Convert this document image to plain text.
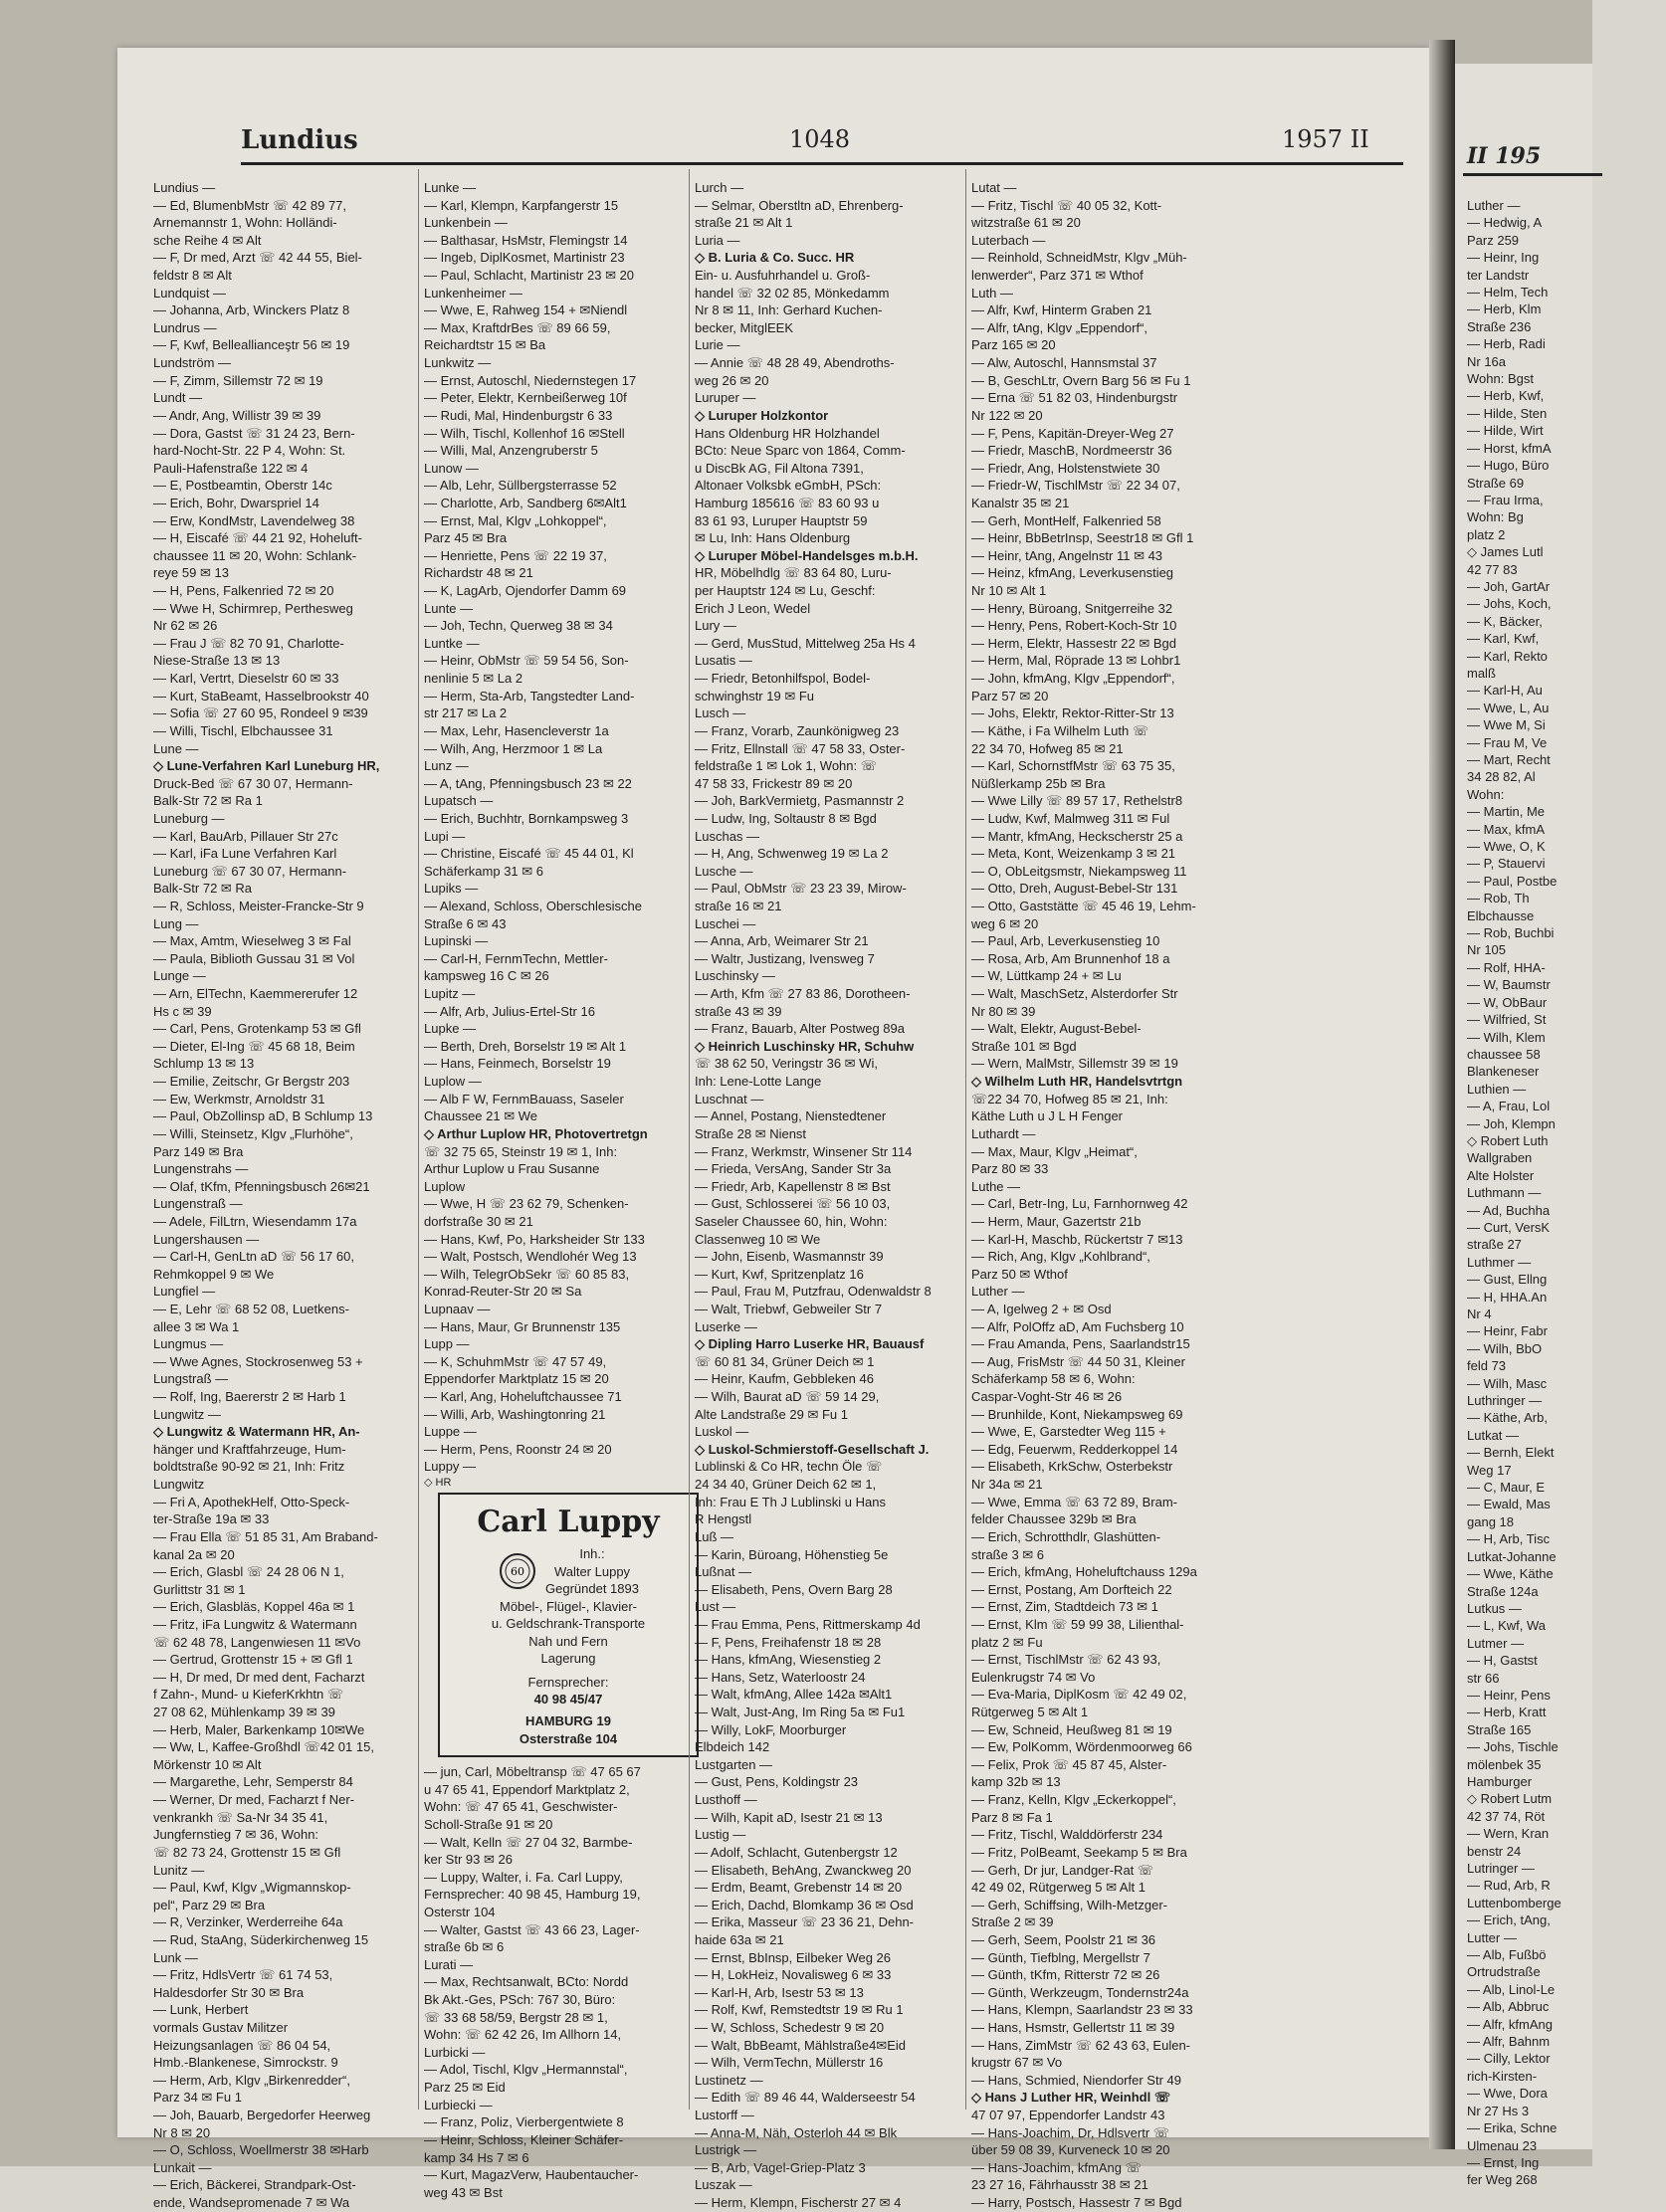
Lundius	1048	1957 II
Lundius —
— Ed, BlumenbMstr ☏ 42 89 77,
Arnemannstr 1, Wohn: Holländi-
sche Reihe 4 ✉ Alt
— F, Dr med, Arzt ☏ 42 44 55, Biel-
feldstr 8 ✉ Alt
Lundquist —
— Johanna, Arb, Winckers Platz 8
Lundrus —
— F, Kwf, Belleallianceştr 56 ✉ 19
Lundström —
— F, Zimm, Sillemstr 72 ✉ 19
Lundt —
— Andr, Ang, Willistr 39 ✉ 39
— Dora, Gastst ☏ 31 24 23, Bern-
hard-Nocht-Str. 22 P 4, Wohn: St.
Pauli-Hafenstraße 122 ✉ 4
— E, Postbeamtin, Oberstr 14c
— Erich, Bohr, Dwarspriel 14
— Erw, KondMstr, Lavendelweg 38
— H, Eiscafé ☏ 44 21 92, Hoheluft-
chaussee 11 ✉ 20, Wohn: Schlank-
reye 59 ✉ 13
— H, Pens, Falkenried 72 ✉ 20
— Wwe H, Schirmrep, Perthesweg
Nr 62 ✉ 26
— Frau J ☏ 82 70 91, Charlotte-
Niese-Straße 13 ✉ 13
— Karl, Vertrt, Dieselstr 60 ✉ 33
— Kurt, StaBeamt, Hasselbrookstr 40
— Sofia ☏ 27 60 95, Rondeel 9 ✉39
— Willi, Tischl, Elbchaussee 31
Lune —
◇ Lune-Verfahren Karl Luneburg HR,
Druck-Bed ☏ 67 30 07, Hermann-
Balk-Str 72 ✉ Ra 1
Luneburg —
— Karl, BauArb, Pillauer Str 27c
— Karl, iFa Lune Verfahren Karl
Luneburg ☏ 67 30 07, Hermann-
Balk-Str 72 ✉ Ra
— R, Schloss, Meister-Francke-Str 9
Lung —
— Max, Amtm, Wieselweg 3 ✉ Fal
— Paula, Biblioth Gussau 31 ✉ Vol
Lunge —
— Arn, ElTechn, Kaemmererufer 12
Hs c ✉ 39
— Carl, Pens, Grotenkamp 53 ✉ Gfl
— Dieter, El-Ing ☏ 45 68 18, Beim
Schlump 13 ✉ 13
— Emilie, Zeitschr, Gr Bergstr 203
— Ew, Werkmstr, Arnoldstr 31
— Paul, ObZollinsp aD, B Schlump 13
— Willi, Steinsetz, Klgv „Flurhöhe“,
Parz 149 ✉ Bra
Lungenstrahs —
— Olaf, tKfm, Pfenningsbusch 26✉21
Lungenstraß —
— Adele, FilLtrn, Wiesendamm 17a
Lungershausen —
— Carl-H, GenLtn aD ☏ 56 17 60,
Rehmkoppel 9 ✉ We
Lungfiel —
— E, Lehr ☏ 68 52 08, Luetkens-
allee 3 ✉ Wa 1
Lungmus —
— Wwe Agnes, Stockrosenweg 53 +
Lungstraß —
— Rolf, Ing, Baererstr 2 ✉ Harb 1
Lungwitz —
◇ Lungwitz & Watermann HR, An-
hänger und Kraftfahrzeuge, Hum-
boldtstraße 90-92 ✉ 21, Inh: Fritz
Lungwitz
— Fri A, ApothekHelf, Otto-Speck-
ter-Straße 19a ✉ 33
— Frau Ella ☏ 51 85 31, Am Braband-
kanal 2a ✉ 20
— Erich, Glasbl ☏ 24 28 06 N 1,
Gurlittstr 31 ✉ 1
— Erich, Glasbläs, Koppel 46a ✉ 1
— Fritz, iFa Lungwitz & Watermann
☏ 62 48 78, Langenwiesen 11 ✉Vo
— Gertrud, Grottenstr 15 + ✉ Gfl 1
— H, Dr med, Dr med dent, Facharzt
f Zahn-, Mund- u KieferKrkhtn ☏
27 08 62, Mühlenkamp 39 ✉ 39
— Herb, Maler, Barkenkamp 10✉We
— Ww, L, Kaffee-Großhdl ☏42 01 15,
Mörkenstr 10 ✉ Alt
— Margarethe, Lehr, Semperstr 84
— Werner, Dr med, Facharzt f Ner-
venkrankh ☏ Sa-Nr 34 35 41,
Jungfernstieg 7 ✉ 36, Wohn:
☏ 82 73 24, Grottenstr 15 ✉ Gfl
Lunitz —
— Paul, Kwf, Klgv „Wigmannskop-
pel“, Parz 29 ✉ Bra
— R, Verzinker, Werderreihe 64a
— Rud, StaAng, Süderkirchenweg 15
Lunk —
— Fritz, HdlsVertr ☏ 61 74 53,
Haldesdorfer Str 30 ✉ Bra
— Lunk, Herbert
vormals Gustav Militzer
Heizungsanlagen ☏ 86 04 54,
Hmb.-Blankenese, Simrockstr. 9
— Herm, Arb, Klgv „Birkenredder“,
Parz 34 ✉ Fu 1
— Joh, Bauarb, Bergedorfer Heerweg
Nr 8 ✉ 20
— O, Schloss, Woellmerstr 38 ✉Harb
Lunkait —
— Erich, Bäckerei, Strandpark-Ost-
ende, Wandsepromenade 7 ✉ Wa
Lunke —
— Karl, Klempn, Karpfangerstr 15
Lunkenbein —
— Balthasar, HsMstr, Flemingstr 14
— Ingeb, DiplKosmet, Martinistr 23
— Paul, Schlacht, Martinistr 23 ✉ 20
Lunkenheimer —
— Wwe, E, Rahweg 154 + ✉Niendl
— Max, KraftdrBes ☏ 89 66 59,
Reichardtstr 15 ✉ Ba
Lunkwitz —
— Ernst, Autoschl, Niedernstegen 17
— Peter, Elektr, Kernbeißerweg 10f
— Rudi, Mal, Hindenburgstr 6 33
— Wilh, Tischl, Kollenhof 16 ✉Stell
— Willi, Mal, Anzengruberstr 5
Lunow —
— Alb, Lehr, Süllbergsterrasse 52
— Charlotte, Arb, Sandberg 6✉Alt1
— Ernst, Mal, Klgv „Lohkoppel“,
Parz 45 ✉ Bra
— Henriette, Pens ☏ 22 19 37,
Richardstr 48 ✉ 21
— K, LagArb, Ojendorfer Damm 69
Lunte —
— Joh, Techn, Querweg 38 ✉ 34
Luntke —
— Heinr, ObMstr ☏ 59 54 56, Son-
nenlinie 5 ✉ La 2
— Herm, Sta-Arb, Tangstedter Land-
str 217 ✉ La 2
— Max, Lehr, Hasencleverstr 1a
— Wilh, Ang, Herzmoor 1 ✉ La
Lunz —
— A, tAng, Pfenningsbusch 23 ✉ 22
Lupatsch —
— Erich, Buchhtr, Bornkampsweg 3
Lupi —
— Christine, Eiscafé ☏ 45 44 01, Kl
Schäferkamp 31 ✉ 6
Lupiks —
— Alexand, Schloss, Oberschlesische
Straße 6 ✉ 43
Lupinski —
— Carl-H, FernmTechn, Mettler-
kampsweg 16 C ✉ 26
Lupitz —
— Alfr, Arb, Julius-Ertel-Str 16
Lupke —
— Berth, Dreh, Borselstr 19 ✉ Alt 1
— Hans, Feinmech, Borselstr 19
Luplow —
— Alb F W, FernmBauass, Saseler
Chaussee 21 ✉ We
◇ Arthur Luplow HR, Photovertretgn
☏ 32 75 65, Steinstr 19 ✉ 1, Inh:
Arthur Luplow u Frau Susanne
Luplow
— Wwe, H ☏ 23 62 79, Schenken-
dorfstraße 30 ✉ 21
— Hans, Kwf, Po, Harksheider Str 133
— Walt, Postsch, Wendlohér Weg 13
— Wilh, TelegrObSekr ☏ 60 85 83,
Konrad-Reuter-Str 20 ✉ Sa
Lupnaav —
— Hans, Maur, Gr Brunnenstr 135
Lupp —
— K, SchuhmMstr ☏ 47 57 49,
Eppendorfer Marktplatz 15 ✉ 20
— Karl, Ang, Hoheluftchaussee 71
— Willi, Arb, Washingtonring 21
Luppe —
— Herm, Pens, Roonstr 24 ✉ 20
Luppy —
◇ HR
Carl Luppy
60
Inh.:
Walter Luppy
Gegründet 1893
Möbel-, Flügel-, Klavier-
u. Geldschrank-Transporte
Nah und Fern
Lagerung
Fernsprecher:
40 98 45/47
HAMBURG 19
Osterstraße 104
— jun, Carl, Möbeltransp ☏ 47 65 67
u 47 65 41, Eppendorf Marktplatz 2,
Wohn: ☏ 47 65 41, Geschwister-
Scholl-Straße 91 ✉ 20
— Walt, Kelln ☏ 27 04 32, Barmbe-
ker Str 93 ✉ 26
— Luppy, Walter, i. Fa. Carl Luppy,
Fernsprecher: 40 98 45, Hamburg 19,
Osterstr 104
— Walter, Gastst ☏ 43 66 23, Lager-
straße 6b ✉ 6
Lurati —
— Max, Rechtsanwalt, BCto: Nordd
Bk Akt.-Ges, PSch: 767 30, Büro:
☏ 33 68 58/59, Bergstr 28 ✉ 1,
Wohn: ☏ 62 42 26, Im Allhorn 14,
Lurbicki —
— Adol, Tischl, Klgv „Hermannstal“,
Parz 25 ✉ Eid
Lurbiecki —
— Franz, Poliz, Vierbergentwiete 8
— Heinr, Schloss, Kleiner Schäfer-
kamp 34 Hs 7 ✉ 6
— Kurt, MagazVerw, Haubentaucher-
weg 43 ✉ Bst
Lurch —
— Selmar, Oberstltn aD, Ehrenberg-
straße 21 ✉ Alt 1
Luria —
◇ B. Luria & Co. Succ. HR
Ein- u. Ausfuhrhandel u. Groß-
handel ☏ 32 02 85, Mönkedamm
Nr 8 ✉ 11, Inh: Gerhard Kuchen-
becker, MitglEEK
Lurie —
— Annie ☏ 48 28 49, Abendroths-
weg 26 ✉ 20
Luruper —
◇ Luruper Holzkontor
Hans Oldenburg HR Holzhandel
BCto: Neue Sparc von 1864, Comm-
u DiscBk AG, Fil Altona 7391,
Altonaer Volksbk eGmbH, PSch:
Hamburg 185616 ☏ 83 60 93 u
83 61 93, Luruper Hauptstr 59
✉ Lu, Inh: Hans Oldenburg
◇ Luruper Möbel-Handelsges m.b.H.
HR, Möbelhdlg ☏ 83 64 80, Luru-
per Hauptstr 124 ✉ Lu, Geschf:
Erich J Leon, Wedel
Lury —
— Gerd, MusStud, Mittelweg 25a Hs 4
Lusatis —
— Friedr, Betonhilfspol, Bodel-
schwinghstr 19 ✉ Fu
Lusch —
— Franz, Vorarb, Zaunkönigweg 23
— Fritz, Ellnstall ☏ 47 58 33, Oster-
feldstraße 1 ✉ Lok 1, Wohn: ☏
47 58 33, Frickestr 89 ✉ 20
— Joh, BarkVermietg, Pasmannstr 2
— Ludw, Ing, Soltaustr 8 ✉ Bgd
Luschas —
— H, Ang, Schwenweg 19 ✉ La 2
Lusche —
— Paul, ObMstr ☏ 23 23 39, Mirow-
straße 16 ✉ 21
Luschei —
— Anna, Arb, Weimarer Str 21
— Waltr, Justizang, Ivensweg 7
Luschinsky —
— Arth, Kfm ☏ 27 83 86, Dorotheen-
straße 43 ✉ 39
— Franz, Bauarb, Alter Postweg 89a
◇ Heinrich Luschinsky HR, Schuhw
☏ 38 62 50, Veringstr 36 ✉ Wi,
Inh: Lene-Lotte Lange
Luschnat —
— Annel, Postang, Nienstedtener
Straße 28 ✉ Nienst
— Franz, Werkmstr, Winsener Str 114
— Frieda, VersAng, Sander Str 3a
— Friedr, Arb, Kapellenstr 8 ✉ Bst
— Gust, Schlosserei ☏ 56 10 03,
Saseler Chaussee 60, hin, Wohn:
Classenweg 10 ✉ We
— John, Eisenb, Wasmannstr 39
— Kurt, Kwf, Spritzenplatz 16
— Paul, Frau M, Putzfrau, Odenwaldstr 8
— Walt, Triebwf, Gebweiler Str 7
Luserke —
◇ Dipling Harro Luserke HR, Bauausf
☏ 60 81 34, Grüner Deich ✉ 1
— Heinr, Kaufm, Gebbleken 46
— Wilh, Baurat aD ☏ 59 14 29,
Alte Landstraße 29 ✉ Fu 1
Luskol —
◇ Luskol-Schmierstoff-Gesellschaft J.
Lublinski & Co HR, techn Öle ☏
24 34 40, Grüner Deich 62 ✉ 1,
Inh: Frau E Th J Lublinski u Hans
R Hengstl
Luß —
— Karin, Büroang, Höhenstieg 5e
Lußnat —
— Elisabeth, Pens, Overn Barg 28
Lust —
— Frau Emma, Pens, Rittmerskamp 4d
— F, Pens, Freihafenstr 18 ✉ 28
— Hans, kfmAng, Wiesenstieg 2
— Hans, Setz, Waterloostr 24
— Walt, kfmAng, Allee 142a ✉Alt1
— Walt, Just-Ang, Im Ring 5a ✉ Fu1
— Willy, LokF, Moorburger
Elbdeich 142
Lustgarten —
— Gust, Pens, Koldingstr 23
Lusthoff —
— Wilh, Kapit aD, Isestr 21 ✉ 13
Lustig —
— Adolf, Schlacht, Gutenbergstr 12
— Elisabeth, BehAng, Zwanckweg 20
— Erdm, Beamt, Grebenstr 14 ✉ 20
— Erich, Dachd, Blomkamp 36 ✉ Osd
— Erika, Masseur ☏ 23 36 21, Dehn-
haide 63a ✉ 21
— Ernst, BbInsp, Eilbeker Weg 26
— H, LokHeiz, Novalisweg 6 ✉ 33
— Karl-H, Arb, Isestr 53 ✉ 13
— Rolf, Kwf, Remstedtstr 19 ✉ Ru 1
— W, Schloss, Schedestr 9 ✉ 20
— Walt, BbBeamt, Mählstraße4✉Eid
— Wilh, VermTechn, Müllerstr 16
Lustinetz —
— Edith ☏ 89 46 44, Walderseestr 54
Lustorff —
— Anna-M, Näh, Osterloh 44 ✉ Blk
Lustrigk —
— B, Arb, Vagel-Griep-Platz 3
Luszak —
— Herm, Klempn, Fischerstr 27 ✉ 4
Lutat —
— Fritz, Tischl ☏ 40 05 32, Kott-
witzstraße 61 ✉ 20
Luterbach —
— Reinhold, SchneidMstr, Klgv „Müh-
lenwerder“, Parz 371 ✉ Wthof
Luth —
— Alfr, Kwf, Hinterm Graben 21
— Alfr, tAng, Klgv „Eppendorf“,
Parz 165 ✉ 20
— Alw, Autoschl, Hannsmstal 37
— B, GeschLtr, Overn Barg 56 ✉ Fu 1
— Erna ☏ 51 82 03, Hindenburgstr
Nr 122 ✉ 20
— F, Pens, Kapitän-Dreyer-Weg 27
— Friedr, MaschB, Nordmeerstr 36
— Friedr, Ang, Holstenstwiete 30
— Friedr-W, TischlMstr ☏ 22 34 07,
Kanalstr 35 ✉ 21
— Gerh, MontHelf, Falkenried 58
— Heinr, BbBetrInsp, Seestr18 ✉ Gfl 1
— Heinr, tAng, Angelnstr 11 ✉ 43
— Heinz, kfmAng, Leverkusenstieg
Nr 10 ✉ Alt 1
— Henry, Büroang, Snitgerreihe 32
— Henry, Pens, Robert-Koch-Str 10
— Herm, Elektr, Hassestr 22 ✉ Bgd
— Herm, Mal, Röprade 13 ✉ Lohbr1
— John, kfmAng, Klgv „Eppendorf“,
Parz 57 ✉ 20
— Johs, Elektr, Rektor-Ritter-Str 13
— Käthe, i Fa Wilhelm Luth ☏
22 34 70, Hofweg 85 ✉ 21
— Karl, SchornstfMstr ☏ 63 75 35,
Nüßlerkamp 25b ✉ Bra
— Wwe Lilly ☏ 89 57 17, Rethelstr8
— Ludw, Kwf, Malmweg 311 ✉ Ful
— Mantr, kfmAng, Heckscherstr 25 a
— Meta, Kont, Weizenkamp 3 ✉ 21
— O, ObLeitgsmstr, Niekampsweg 11
— Otto, Dreh, August-Bebel-Str 131
— Otto, Gaststätte ☏ 45 46 19, Lehm-
weg 6 ✉ 20
— Paul, Arb, Leverkusenstieg 10
— Rosa, Arb, Am Brunnenhof 18 a
— W, Lüttkamp 24 + ✉ Lu
— Walt, MaschSetz, Alsterdorfer Str
Nr 80 ✉ 39
— Walt, Elektr, August-Bebel-
Straße 101 ✉ Bgd
— Wern, MalMstr, Sillemstr 39 ✉ 19
◇ Wilhelm Luth HR, Handelsvtrtgn
☏22 34 70, Hofweg 85 ✉ 21, Inh:
Käthe Luth u J L H Fenger
Luthardt —
— Max, Maur, Klgv „Heimat“,
Parz 80 ✉ 33
Luthe —
— Carl, Betr-Ing, Lu, Farnhornweg 42
— Herm, Maur, Gazertstr 21b
— Karl-H, Maschb, Rückertstr 7 ✉13
— Rich, Ang, Klgv „Kohlbrand“,
Parz 50 ✉ Wthof
Luther —
— A, Igelweg 2 + ✉ Osd
— Alfr, PolOffz aD, Am Fuchsberg 10
— Frau Amanda, Pens, Saarlandstr15
— Aug, FrisMstr ☏ 44 50 31, Kleiner
Schäferkamp 58 ✉ 6, Wohn:
Caspar-Voght-Str 46 ✉ 26
— Brunhilde, Kont, Niekampsweg 69
— Wwe, E, Garstedter Weg 115 +
— Edg, Feuerwm, Redderkoppel 14
— Elisabeth, KrkSchw, Osterbekstr
Nr 34a ✉ 21
— Wwe, Emma ☏ 63 72 89, Bram-
felder Chaussee 329b ✉ Bra
— Erich, Schrotthdlr, Glashütten-
straße 3 ✉ 6
— Erich, kfmAng, Hoheluftchauss 129a
— Ernst, Postang, Am Dorfteich 22
— Ernst, Zim, Stadtdeich 73 ✉ 1
— Ernst, Klm ☏ 59 99 38, Lilienthal-
platz 2 ✉ Fu
— Ernst, TischlMstr ☏ 62 43 93,
Eulenkrugstr 74 ✉ Vo
— Eva-Maria, DiplKosm ☏ 42 49 02,
Rütgerweg 5 ✉ Alt 1
— Ew, Schneid, Heußweg 81 ✉ 19
— Ew, PolKomm, Wördenmoorweg 66
— Felix, Prok ☏ 45 87 45, Alster-
kamp 32b ✉ 13
— Franz, Kelln, Klgv „Eckerkoppel“,
Parz 8 ✉ Fa 1
— Fritz, Tischl, Walddörferstr 234
— Fritz, PolBeamt, Seekamp 5 ✉ Bra
— Gerh, Dr jur, Landger-Rat ☏
42 49 02, Rütgerweg 5 ✉ Alt 1
— Gerh, Schiffsing, Wilh-Metzger-
Straße 2 ✉ 39
— Gerh, Seem, Poolstr 21 ✉ 36
— Günth, Tiefblng, Mergellstr 7
— Günth, tKfm, Ritterstr 72 ✉ 26
— Günth, Werkzeugm, Tondernstr24a
— Hans, Klempn, Saarlandstr 23 ✉ 33
— Hans, Hsmstr, Gellertstr 11 ✉ 39
— Hans, ZimMstr ☏ 62 43 63, Eulen-
krugstr 67 ✉ Vo
— Hans, Schmied, Niendorfer Str 49
◇ Hans J Luther HR, Weinhdl ☏
47 07 97, Eppendorfer Landstr 43
— Hans-Joachim, Dr, Hdlsvertr ☏
über 59 08 39, Kurveneck 10 ✉ 20
— Hans-Joachim, kfmAng ☏
23 27 16, Fährhausstr 38 ✉ 21
— Harry, Postsch, Hassestr 7 ✉ Bgd
II 195
Luther —
— Hedwig, A
Parz 259
— Heinr, Ing
ter Landstr
— Helm, Tech
— Herb, Klm
Straße 236
— Herb, Radi
Nr 16a
Wohn: Bgst
— Herb, Kwf,
— Hilde, Sten
— Hilde, Wirt
— Horst, kfmA
— Hugo, Büro
Straße 69
— Frau Irma,
Wohn: Bg
platz 2
◇ James Lutl
42 77 83
— Joh, GartAr
— Johs, Koch,
— K, Bäcker,
— Karl, Kwf,
— Karl, Rekto
malß
— Karl-H, Au
— Wwe, L, Au
— Wwe M, Si
— Frau M, Ve
— Mart, Recht
34 28 82, Al
Wohn:
— Martin, Me
— Max, kfmA
— Wwe, O, K
— P, Stauervi
— Paul, Postbe
— Rob, Th
Elbchausse
— Rob, Buchbi
Nr 105
— Rolf, HHA-
— W, Baumstr
— W, ObBaur
— Wilfried, St
— Wilh, Klem
chaussee 58
Blankeneser
Luthien —
— A, Frau, Lol
— Joh, Klempn
◇ Robert Luth
Wallgraben
Alte Holster
Luthmann —
— Ad, Buchha
— Curt, VersK
straße 27
Luthmer —
— Gust, Ellng
— H, HHA.An
Nr 4
— Heinr, Fabr
— Wilh, BbO
feld 73
— Wilh, Masc
Luthringer —
— Käthe, Arb,
Lutkat —
— Bernh, Elekt
Weg 17
— C, Maur, E
— Ewald, Mas
gang 18
— H, Arb, Tisc
Lutkat-Johanne
— Wwe, Käthe
Straße 124a
Lutkus —
— L, Kwf, Wa
Lutmer —
— H, Gastst
str 66
— Heinr, Pens
— Herb, Kratt
Straße 165
— Johs, Tischle
mölenbek 35
Hamburger
◇ Robert Lutm
42 37 74, Röt
— Wern, Kran
benstr 24
Lutringer —
— Rud, Arb, R
Luttenbomberge
— Erich, tAng,
Lutter —
— Alb, Fußbö
Ortrudstraße
— Alb, Linol-Le
— Alb, Abbruc
— Alfr, kfmAng
— Alfr, Bahnm
— Cilly, Lektor
rich-Kirsten-
— Wwe, Dora
Nr 27 Hs 3
— Erika, Schne
Ulmenau 23
— Ernst, Ing
fer Weg 268
